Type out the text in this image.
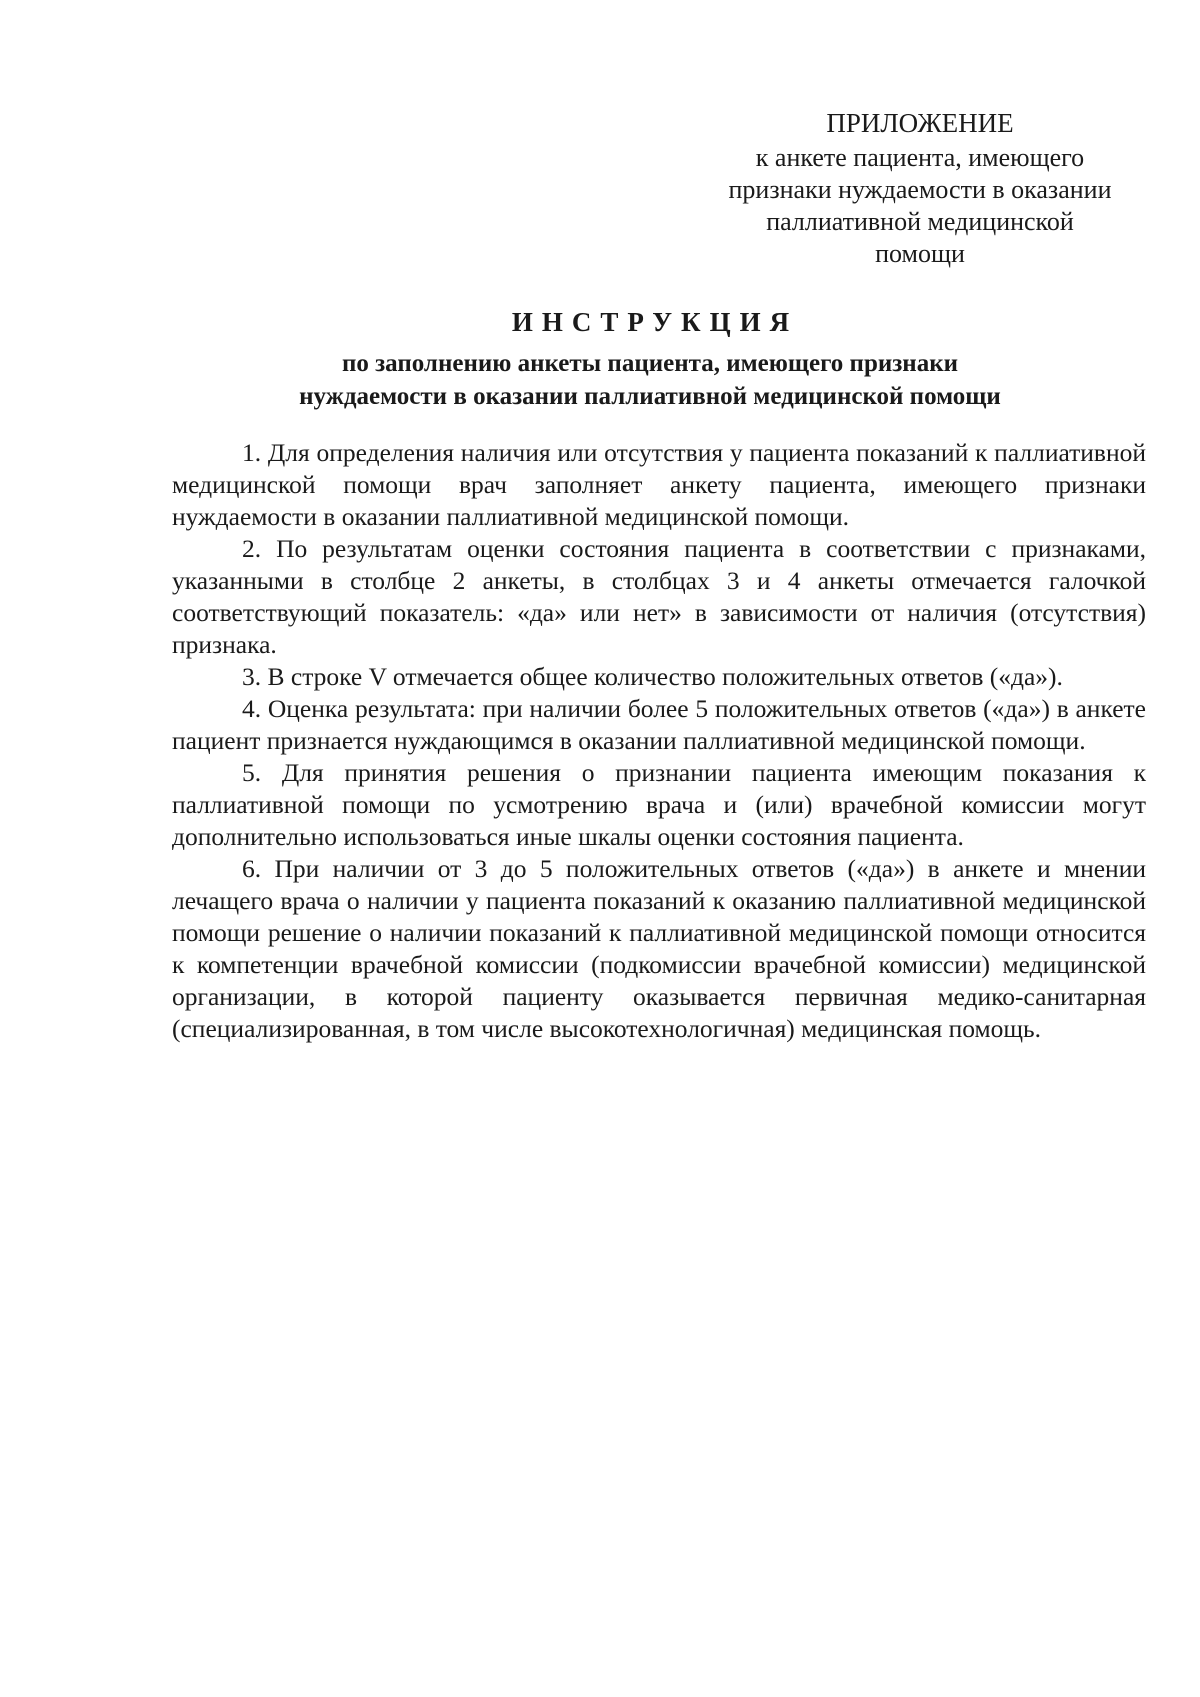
ПРИЛОЖЕНИЕ
к анкете пациента, имеющего
признаки нуждаемости в оказании
паллиативной медицинской
помощи
ИНСТРУКЦИЯ
по заполнению анкеты пациента, имеющего признаки
нуждаемости в оказании паллиативной медицинской помощи

1. Для определения наличия или отсутствия у пациента показаний к паллиативной медицинской помощи врач заполняет анкету пациента, имеющего признаки нуждаемости в оказании паллиативной медицинской помощи.

2. По результатам оценки состояния пациента в соответствии с признаками, указанными в столбце 2 анкеты, в столбцах 3 и 4 анкеты отмечается галочкой соответствующий показатель: «да» или нет» в зависимости от наличия (отсутствия) признака.

3. В строке V отмечается общее количество положительных ответов («да»).

4. Оценка результата: при наличии более 5 положительных ответов («да») в анкете пациент признается нуждающимся в оказании паллиативной медицинской помощи.

5. Для принятия решения о признании пациента имеющим показания к паллиативной помощи по усмотрению врача и (или) врачебной комиссии могут дополнительно использоваться иные шкалы оценки состояния пациента.

6. При наличии от 3 до 5 положительных ответов («да») в анкете и мнении лечащего врача о наличии у пациента показаний к оказанию паллиативной медицинской помощи решение о наличии показаний к паллиативной медицинской помощи относится к компетенции врачебной комиссии (подкомиссии врачебной комиссии) медицинской организации, в которой пациенту оказывается первичная медико-санитарная (специализированная, в том числе высокотехнологичная) медицинская помощь.
